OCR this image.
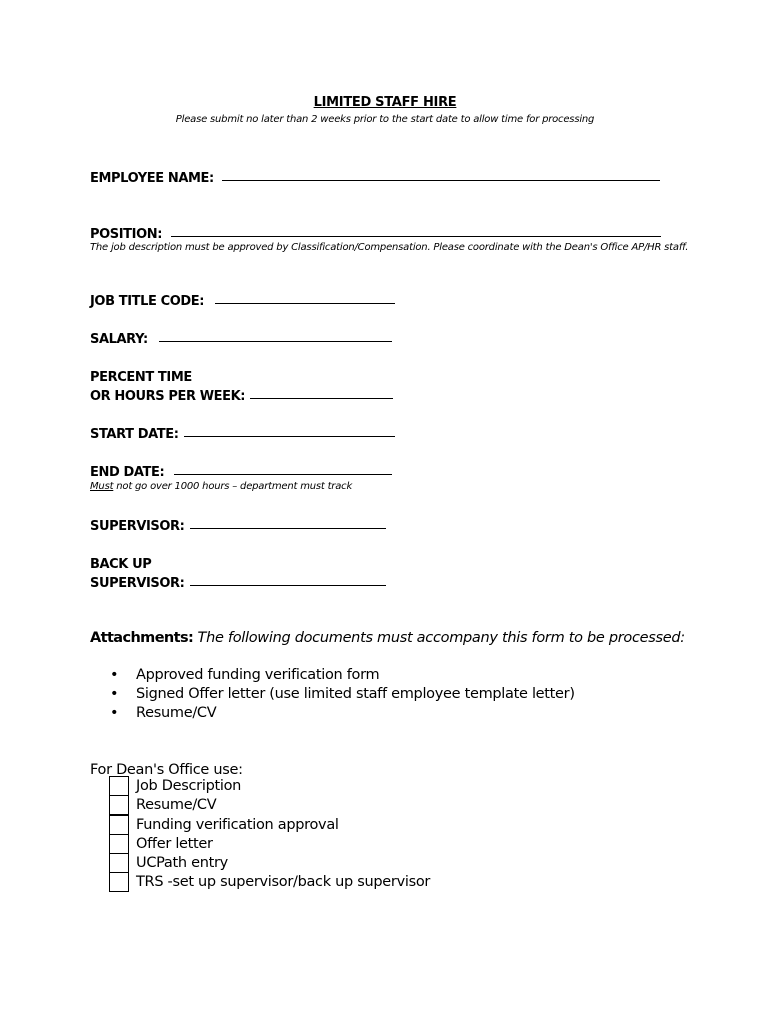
LIMITED STAFF HIRE
Please submit no later than 2 weeks prior to the start date to allow time for processing
EMPLOYEE NAME:
POSITION:
The job description must be approved by Classification/Compensation. Please coordinate with the Dean's Office AP/HR staff.
JOB TITLE CODE:
SALARY:
PERCENT TIME
OR HOURS PER WEEK:
START DATE:
END DATE:
Must not go over 1000 hours – department must track
SUPERVISOR:
BACK UP
SUPERVISOR:
Attachments: The following documents must accompany this form to be processed:
• Approved funding verification form
• Signed Offer letter (use limited staff employee template letter)
• Resume/CV
For Dean's Office use:
Job Description
Resume/CV
Funding verification approval
Offer letter
UCPath entry
TRS -set up supervisor/back up supervisor
